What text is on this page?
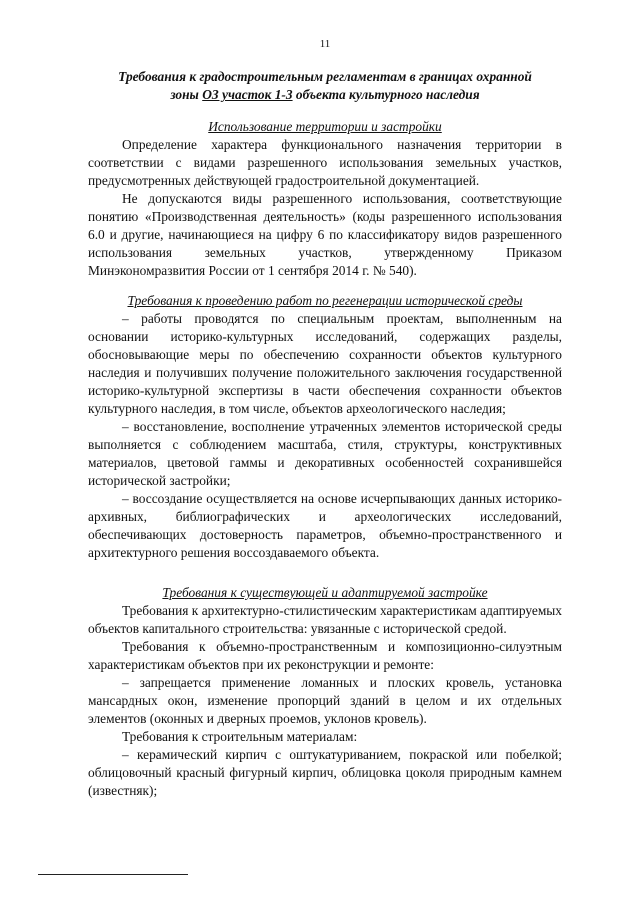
11
Требования к градостроительным регламентам в границах охранной
зоны ОЗ участок 1-3 объекта культурного наследия

Использование территории и застройки

Определение характера функционального назначения территории в соответствии с видами разрешенного использования земельных участков, предусмотренных действующей градостроительной документацией.

Не допускаются виды разрешенного использования, соответствующие понятию «Производственная деятельность» (коды разрешенного использования 6.0 и другие, начинающиеся на цифру 6 по классификатору видов разрешенного использования земельных участков, утвержденному Приказом Минэкономразвития России от 1 сентября 2014 г. № 540).

Требования к проведению работ по регенерации исторической среды

– работы проводятся по специальным проектам, выполненным на основании историко-культурных исследований, содержащих разделы, обосновывающие меры по обеспечению сохранности объектов культурного наследия и получивших получение положительного заключения государственной историко-культурной экспертизы в части обеспечения сохранности объектов культурного наследия, в том числе, объектов археологического наследия;

– восстановление, восполнение утраченных элементов исторической среды выполняется с соблюдением масштаба, стиля, структуры, конструктивных материалов, цветовой гаммы и декоративных особенностей сохранившейся исторической застройки;

– воссоздание осуществляется на основе исчерпывающих данных историко-архивных, библиографических и археологических исследований, обеспечивающих достоверность параметров, объемно-пространственного и архитектурного решения воссоздаваемого объекта.

Требования к существующей и адаптируемой застройке

Требования к архитектурно-стилистическим характеристикам адаптируемых объектов капитального строительства: увязанные с исторической средой.

Требования к объемно-пространственным и композиционно-силуэтным характеристикам объектов при их реконструкции и ремонте:

– запрещается применение ломанных и плоских кровель, установка мансардных окон, изменение пропорций зданий в целом и их отдельных элементов (оконных и дверных проемов, уклонов кровель).

Требования к строительным материалам:

– керамический кирпич с оштукатуриванием, покраской или побелкой; облицовочный красный фигурный кирпич, облицовка цоколя природным камнем (известняк);
